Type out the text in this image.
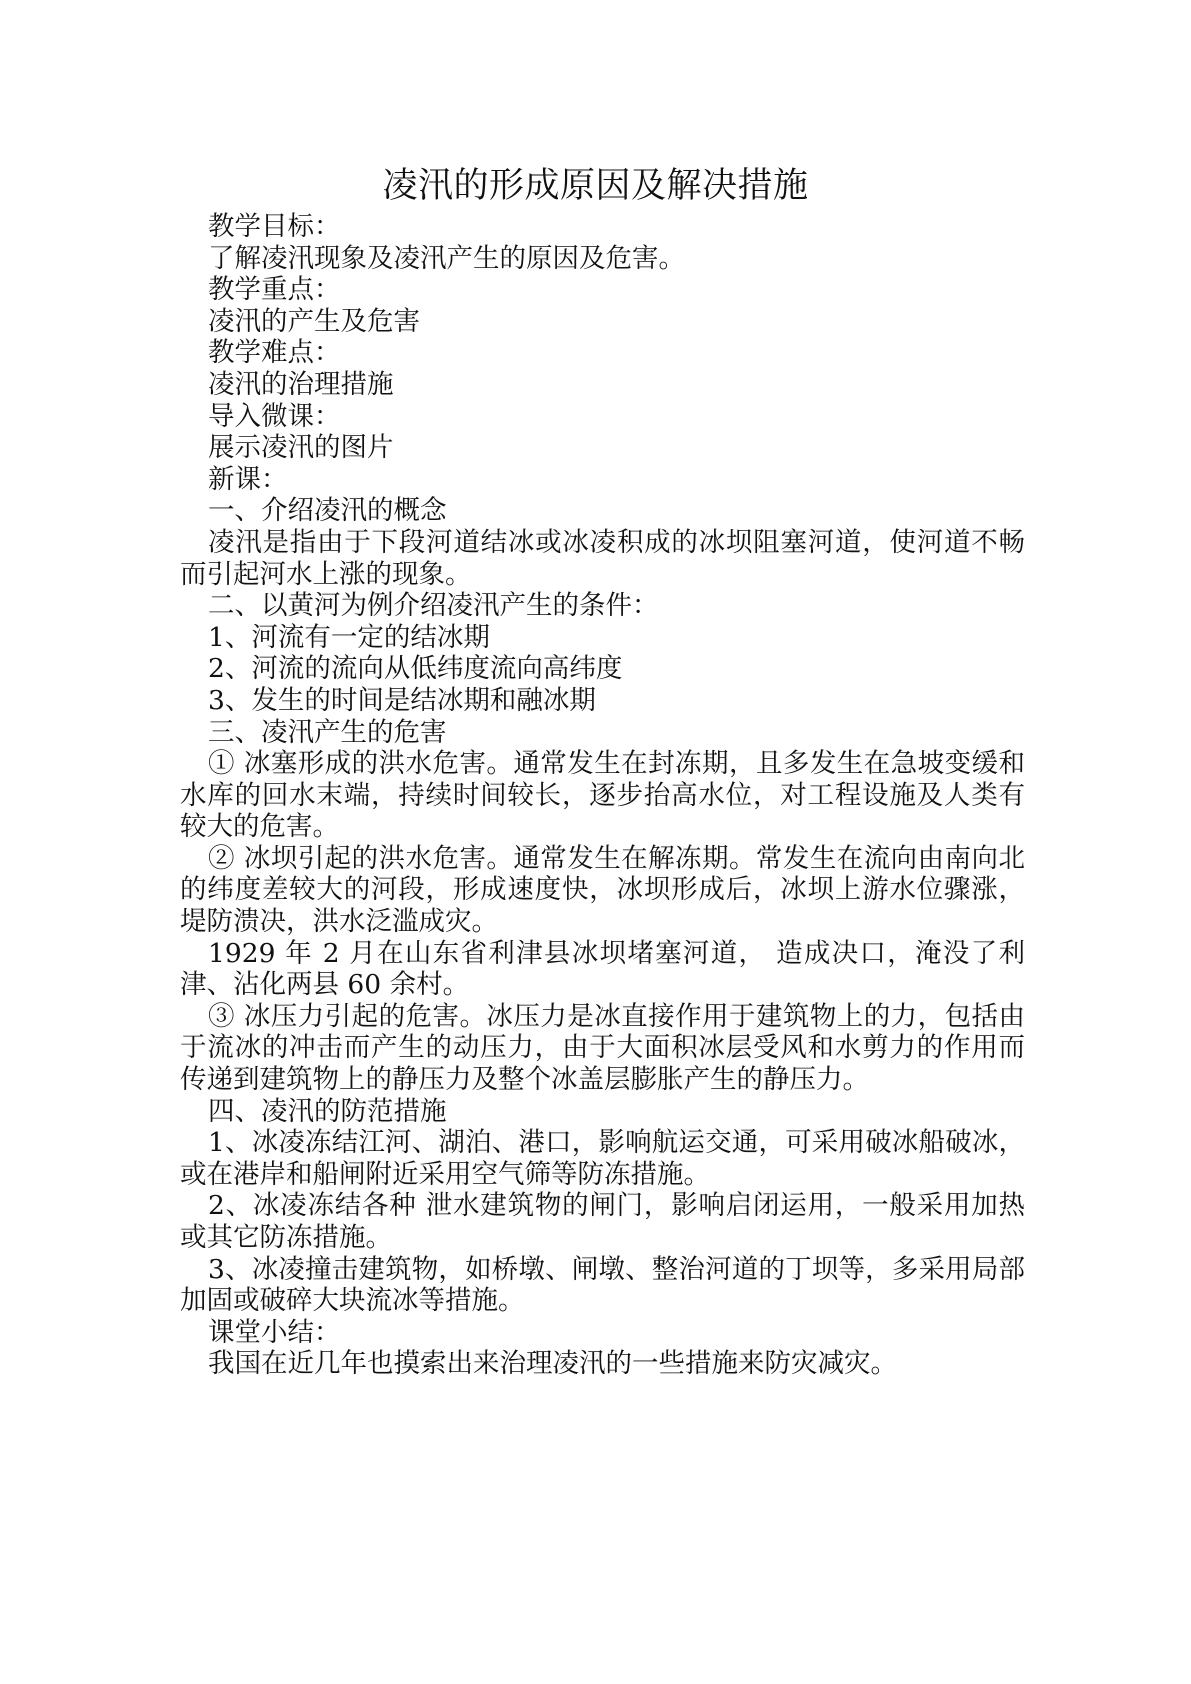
凌汛的形成原因及解决措施

教学目标：

了解凌汛现象及凌汛产生的原因及危害。

教学重点：

凌汛的产生及危害

教学难点：

凌汛的治理措施

导入微课：

展示凌汛的图片

新课：

一、介绍凌汛的概念

凌汛是指由于下段河道结冰或冰凌积成的冰坝阻塞河道，使河道不畅而引起河水上涨的现象。

二、以黄河为例介绍凌汛产生的条件：

1、河流有一定的结冰期

2、河流的流向从低纬度流向高纬度

3、发生的时间是结冰期和融冰期

三、凌汛产生的危害

① 冰塞形成的洪水危害。通常发生在封冻期，且多发生在急坡变缓和水库的回水末端，持续时间较长，逐步抬高水位，对工程设施及人类有较大的危害。

② 冰坝引起的洪水危害。通常发生在解冻期。常发生在流向由南向北的纬度差较大的河段，形成速度快，冰坝形成后，冰坝上游水位骤涨，堤防溃决，洪水泛滥成灾。

1929 年 2 月在山东省利津县冰坝堵塞河道， 造成决口，淹没了利津、沾化两县 60 余村。

③ 冰压力引起的危害。冰压力是冰直接作用于建筑物上的力，包括由于流冰的冲击而产生的动压力，由于大面积冰层受风和水剪力的作用而传递到建筑物上的静压力及整个冰盖层膨胀产生的静压力。

四、凌汛的防范措施

1、冰凌冻结江河、湖泊、港口，影响航运交通，可采用破冰船破冰，或在港岸和船闸附近采用空气筛等防冻措施。

2、冰凌冻结各种 泄水建筑物的闸门，影响启闭运用，一般采用加热或其它防冻措施。

3、冰凌撞击建筑物，如桥墩、闸墩、整治河道的丁坝等，多采用局部加固或破碎大块流冰等措施。

课堂小结：

我国在近几年也摸索出来治理凌汛的一些措施来防灾减灾。
